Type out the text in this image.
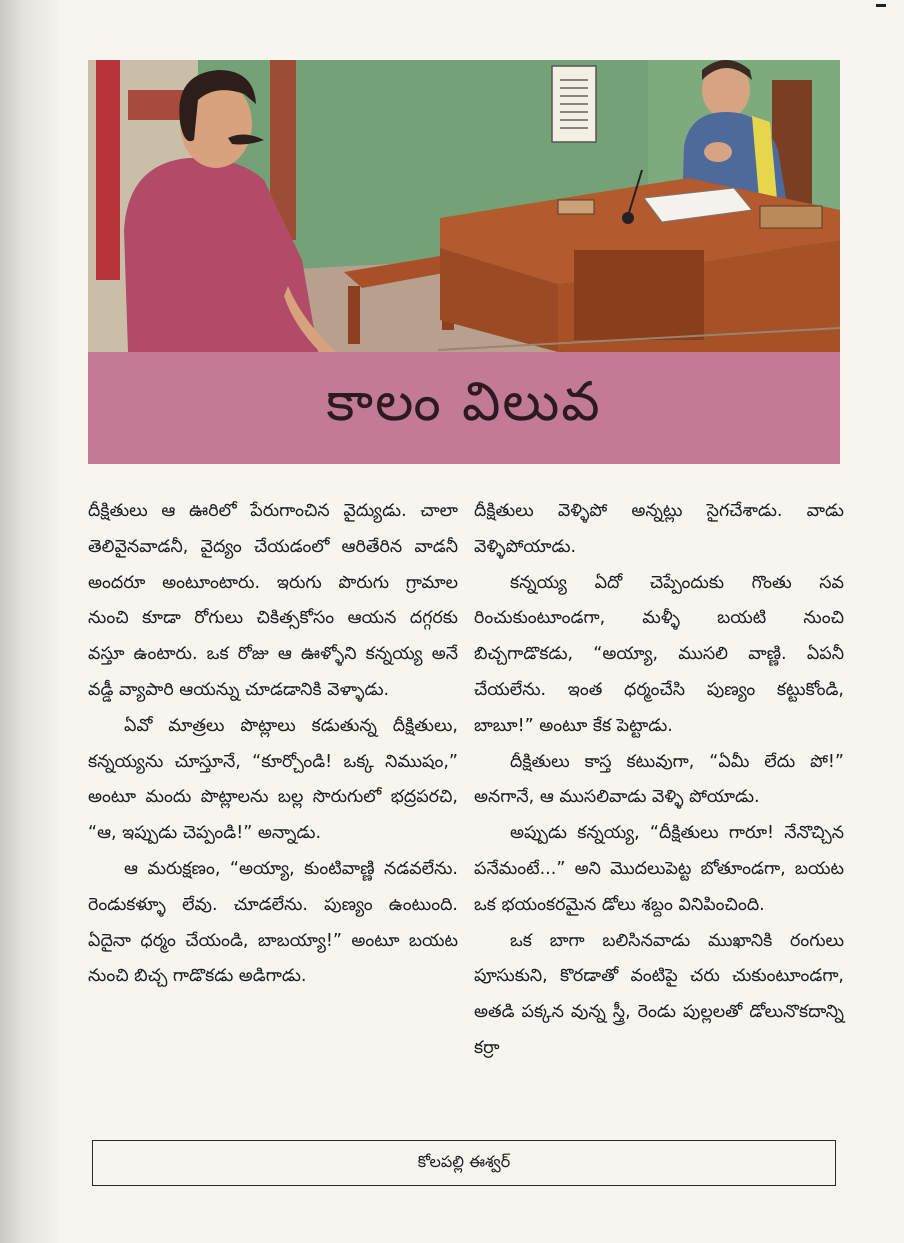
కాలం విలువ

దీక్షితులు ఆ ఊరిలో పేరుగాంచిన వైద్యుడు. చాలా తెలివైనవాడనీ, వైద్యం చేయడంలో ఆరితేరిన వాడనీ అందరూ అంటూంటారు. ఇరుగు పొరుగు గ్రామాల నుంచి కూడా రోగులు చికిత్సకోసం ఆయన దగ్గరకు వస్తూ ఉంటారు. ఒక రోజు ఆ ఊళ్ళోని కన్నయ్య అనే వడ్డీ వ్యాపారి ఆయన్ను చూడడానికి వెళ్ళాడు.

ఏవో మాత్రలు పొట్లాలు కడుతున్న దీక్షితులు, కన్నయ్యను చూస్తూనే, “కూర్చోండి! ఒక్క నిముషం,” అంటూ మందు పొట్లాలను బల్ల సొరుగులో భద్రపరచి, “ఆ, ఇప్పుడు చెప్పండి!” అన్నాడు.

ఆ మరుక్షణం, “అయ్యా, కుంటివాణ్ణి నడవలేను. రెండుకళ్ళూ లేవు. చూడలేను. పుణ్యం ఉంటుంది. ఏదైనా ధర్మం చేయండి, బాబయ్యా!” అంటూ బయట నుంచి బిచ్చ గాడొకడు అడిగాడు.

దీక్షితులు వెళ్ళిపో అన్నట్లు సైగచేశాడు. వాడు వెళ్ళిపోయాడు.

కన్నయ్య ఏదో చెప్పేందుకు గొంతు సవ రించుకుంటూండగా, మళ్ళీ బయటి నుంచి బిచ్చగాడొకడు, “అయ్యా, ముసలి వాణ్ణి. ఏపనీ చేయలేను. ఇంత ధర్మంచేసి పుణ్యం కట్టుకోండి, బాబూ!” అంటూ కేక పెట్టాడు.

దీక్షితులు కాస్త కటువుగా, “ఏమీ లేదు పో!” అనగానే, ఆ ముసలివాడు వెళ్ళి పోయాడు.

అప్పుడు కన్నయ్య, “దీక్షితులు గారూ! నేనొచ్చిన పనేమంటే...” అని మొదలుపెట్ట బోతూండగా, బయట ఒక భయంకరమైన డోలు శబ్దం వినిపించింది.

ఒక బాగా బలిసినవాడు ముఖానికి రంగులు పూసుకుని, కొరడాతో వంటిపై చరు చుకుంటూండగా, అతడి పక్కన వున్న స్త్రీ, రెండు పుల్లలతో డోలునొకదాన్ని కర్రా

కోలపల్లి ఈశ్వర్
